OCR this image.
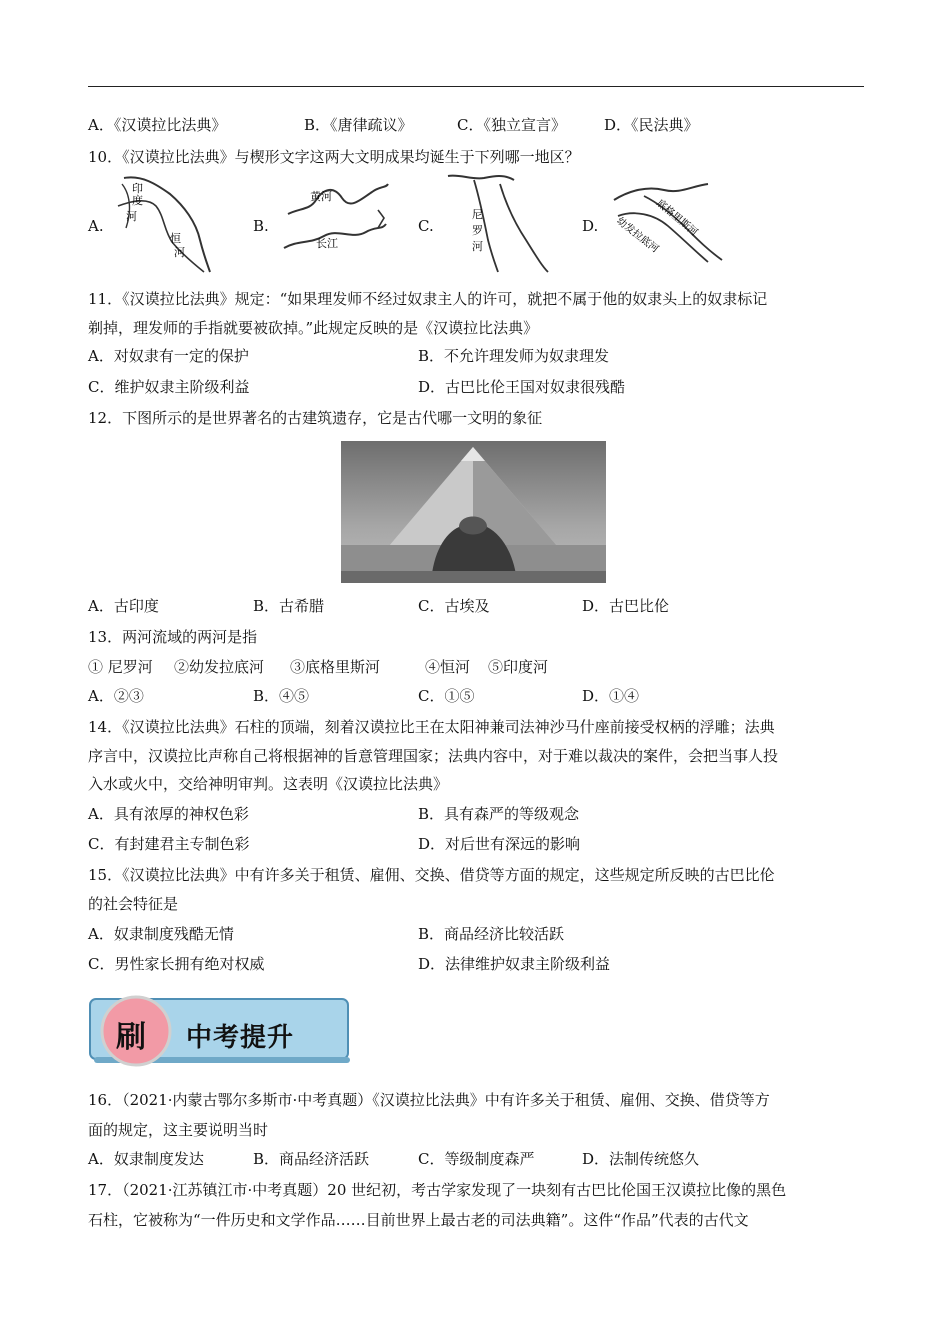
A．《汉谟拉比法典》	B．《唐律疏议》	C．《独立宣言》	D．《民法典》
10．《汉谟拉比法典》与楔形文字这两大文明成果均诞生于下列哪一地区？
A.
印
度
河
恒
河
B.
黄河
长江
C.
尼
罗
河
D.	底格里斯河
幼发拉底河
11．《汉谟拉比法典》规定：“如果理发师不经过奴隶主人的许可，就把不属于他的奴隶头上的奴隶标记
剃掉，理发师的手指就要被砍掉。”此规定反映的是《汉谟拉比法典》
A．对奴隶有一定的保护	B．不允许理发师为奴隶理发
C．维护奴隶主阶级利益	D．古巴比伦王国对奴隶很残酷
12．下图所示的是世界著名的古建筑遗存，它是古代哪一文明的象征
A．古印度	B．古希腊	C．古埃及	D．古巴比伦
13．两河流域的两河是指
① 尼罗河 ②幼发拉底河 ③底格里斯河	④恒河 ⑤印度河
A．②③	B．④⑤	C．①⑤	D．①④
14．《汉谟拉比法典》石柱的顶端，刻着汉谟拉比王在太阳神兼司法神沙马什座前接受权柄的浮雕；法典
序言中，汉谟拉比声称自己将根据神的旨意管理国家；法典内容中，对于难以裁决的案件，会把当事人投
入水或火中，交给神明审判。这表明《汉谟拉比法典》
A．具有浓厚的神权色彩	B．具有森严的等级观念
C．有封建君主专制色彩	D．对后世有深远的影响
15．《汉谟拉比法典》中有许多关于租赁、雇佣、交换、借贷等方面的规定，这些规定所反映的古巴比伦
的社会特征是
A．奴隶制度残酷无情	B．商品经济比较活跃
C．男性家长拥有绝对权威	D．法律维护奴隶主阶级利益
刷 中考提升
16．（2021·内蒙古鄂尔多斯市·中考真题）《汉谟拉比法典》中有许多关于租赁、雇佣、交换、借贷等方
面的规定，这主要说明当时
A．奴隶制度发达	B．商品经济活跃	C．等级制度森严	D．法制传统悠久
17．（2021·江苏镇江市·中考真题）20 世纪初，考古学家发现了一块刻有古巴比伦国王汉谟拉比像的黑色
石柱，它被称为“一件历史和文学作品……目前世界上最古老的司法典籍”。这件“作品”代表的古代文
